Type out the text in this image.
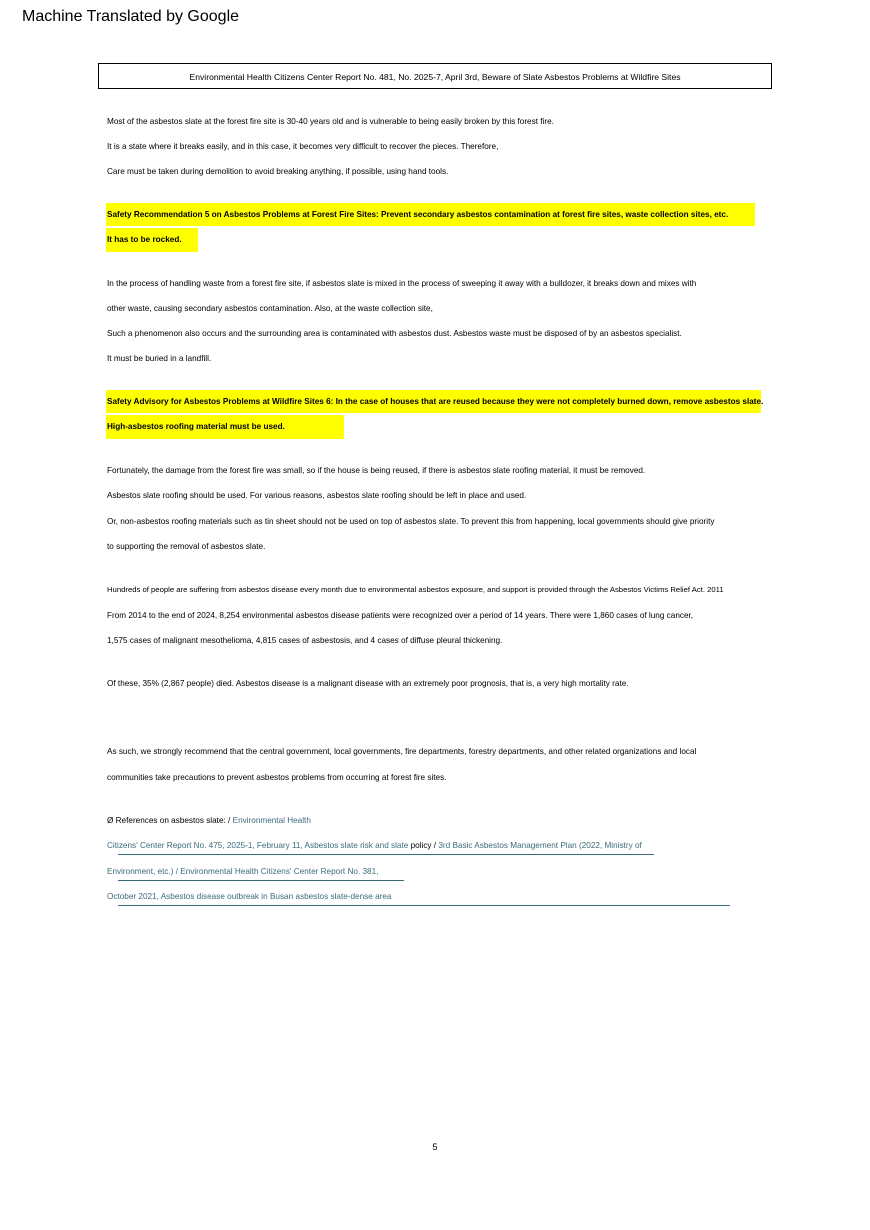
Machine Translated by Google
Environmental Health Citizens Center Report No. 481, No. 2025-7, April 3rd, Beware of Slate Asbestos Problems at Wildfire Sites
Most of the asbestos slate at the forest fire site is 30-40 years old and is vulnerable to being easily broken by this forest fire.
It is a state where it breaks easily, and in this case, it becomes very difficult to recover the pieces. Therefore,
Care must be taken during demolition to avoid breaking anything, if possible, using hand tools.
Safety Recommendation 5 on Asbestos Problems at Forest Fire Sites: Prevent secondary asbestos contamination at forest fire sites, waste collection sites, etc.
It has to be rocked.
In the process of handling waste from a forest fire site, if asbestos slate is mixed in the process of sweeping it away with a bulldozer, it breaks down and mixes with
other waste, causing secondary asbestos contamination. Also, at the waste collection site,
Such a phenomenon also occurs and the surrounding area is contaminated with asbestos dust. Asbestos waste must be disposed of by an asbestos specialist.
It must be buried in a landfill.
Safety Advisory for Asbestos Problems at Wildfire Sites 6: In the case of houses that are reused because they were not completely burned down, remove asbestos slate.
High-asbestos roofing material must be used.
Fortunately, the damage from the forest fire was small, so if the house is being reused, if there is asbestos slate roofing material, it must be removed.
Asbestos slate roofing should be used. For various reasons, asbestos slate roofing should be left in place and used.
Or, non-asbestos roofing materials such as tin sheet should not be used on top of asbestos slate. To prevent this from happening, local governments should give priority
to supporting the removal of asbestos slate.
Hundreds of people are suffering from asbestos disease every month due to environmental asbestos exposure, and support is provided through the Asbestos Victims Relief Act. 2011
From 2014 to the end of 2024, 8,254 environmental asbestos disease patients were recognized over a period of 14 years. There were 1,860 cases of lung cancer,
1,575 cases of malignant mesothelioma, 4,815 cases of asbestosis, and 4 cases of diffuse pleural thickening.
Of these, 35% (2,867 people) died. Asbestos disease is a malignant disease with an extremely poor prognosis, that is, a very high mortality rate.
As such, we strongly recommend that the central government, local governments, fire departments, forestry departments, and other related organizations and local
communities take precautions to prevent asbestos problems from occurring at forest fire sites.
Ø References on asbestos slate: / Environmental Health
Citizens' Center Report No. 475, 2025-1, February 11, Asbestos slate risk and slate policy / 3rd Basic Asbestos Management Plan (2022, Ministry of
Environment, etc.) / Environmental Health Citizens' Center Report No. 381,
October 2021, Asbestos disease outbreak in Busan asbestos slate-dense area
5
